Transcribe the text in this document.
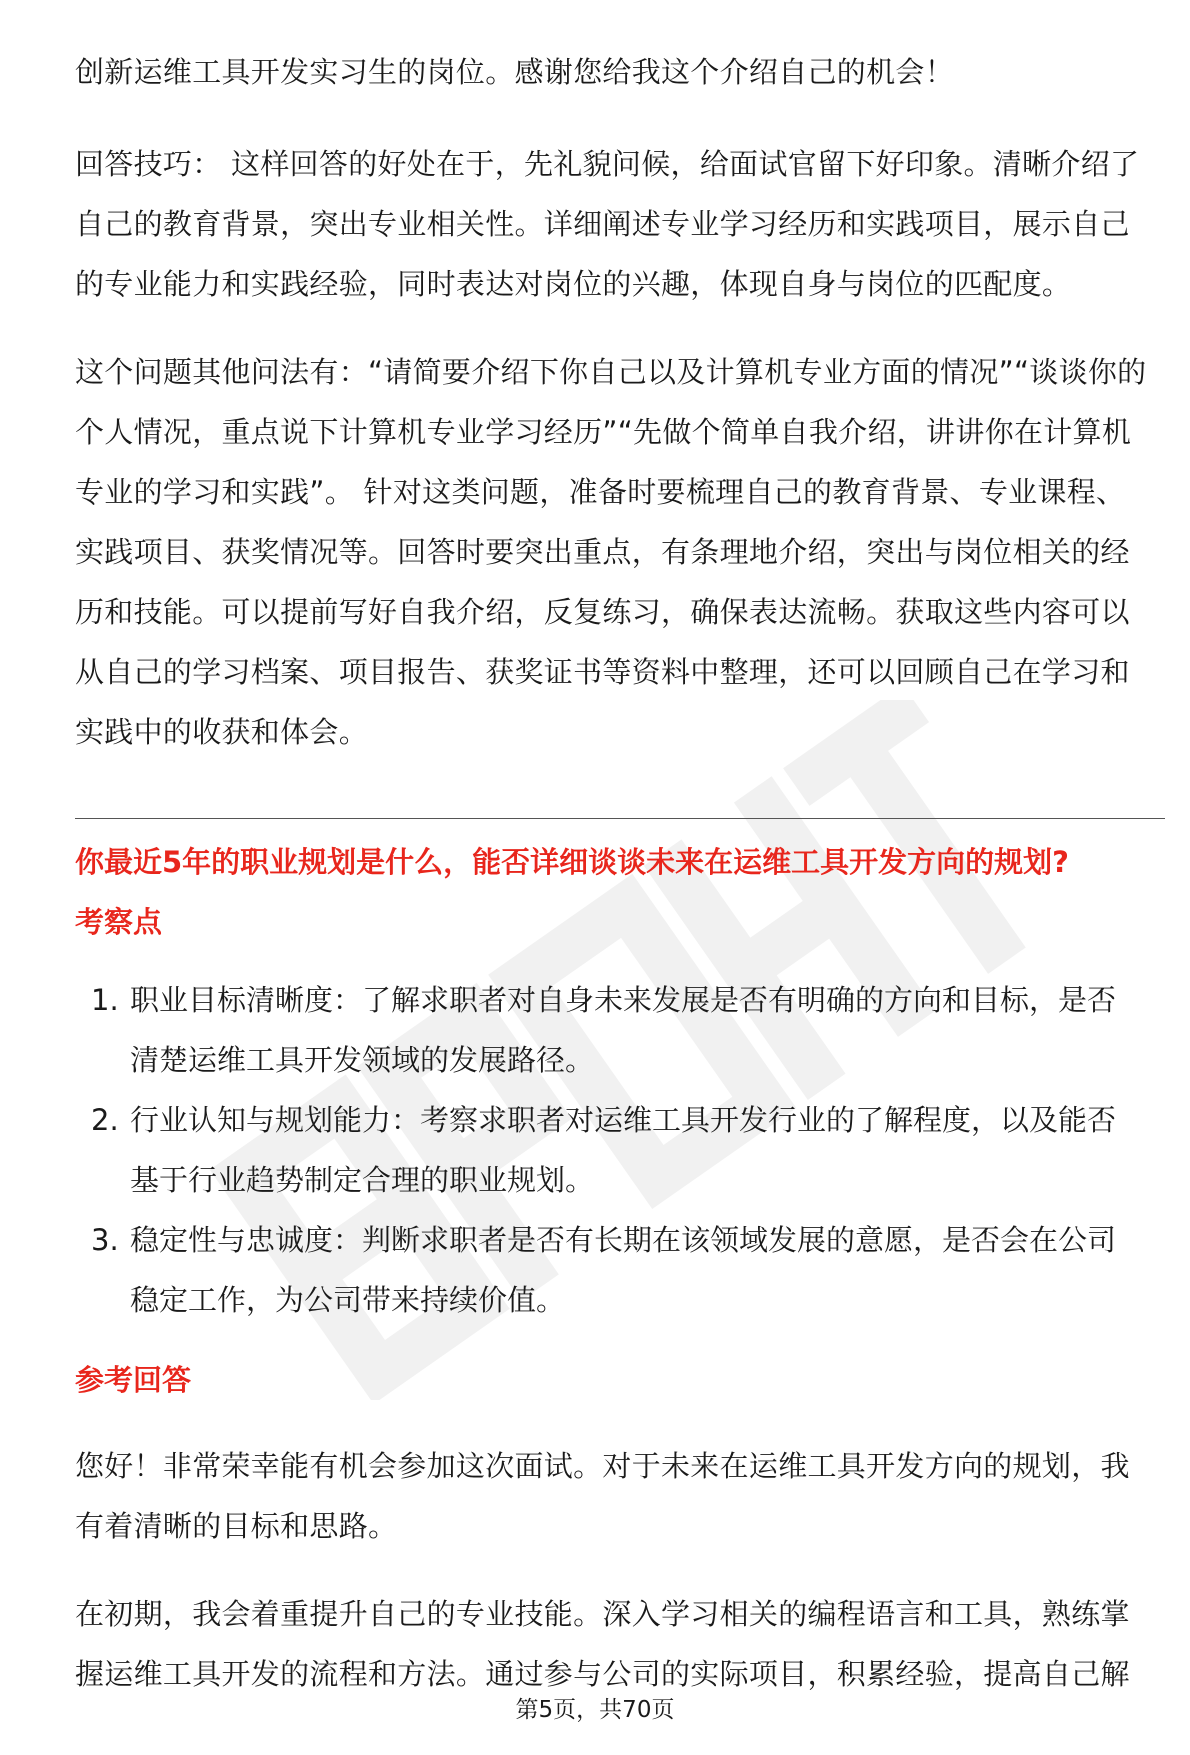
创新运维工具开发实习生的岗位。感谢您给我这个介绍自己的机会！

回答技巧： 这样回答的好处在于，先礼貌问候，给面试官留下好印象。清晰介绍了

自己的教育背景，突出专业相关性。详细阐述专业学习经历和实践项目，展示自己

的专业能力和实践经验，同时表达对岗位的兴趣，体现自身与岗位的匹配度。

这个问题其他问法有：“请简要介绍下你自己以及计算机专业方面的情况”“谈谈你的

个人情况，重点说下计算机专业学习经历”“先做个简单自我介绍，讲讲你在计算机

专业的学习和实践”。 针对这类问题，准备时要梳理自己的教育背景、专业课程、

实践项目、获奖情况等。回答时要突出重点，有条理地介绍，突出与岗位相关的经

历和技能。可以提前写好自我介绍，反复练习，确保表达流畅。获取这些内容可以

从自己的学习档案、项目报告、获奖证书等资料中整理，还可以回顾自己在学习和

实践中的收获和体会。

你最近5年的职业规划是什么，能否详细谈谈未来在运维工具开发方向的规划?
考察点
1. 职业目标清晰度：了解求职者对自身未来发展是否有明确的方向和目标，是否
清楚运维工具开发领域的发展路径。
2. 行业认知与规划能力：考察求职者对运维工具开发行业的了解程度，以及能否
基于行业趋势制定合理的职业规划。
3. 稳定性与忠诚度：判断求职者是否有长期在该领域发展的意愿，是否会在公司
稳定工作，为公司带来持续价值。
参考回答

您好！非常荣幸能有机会参加这次面试。对于未来在运维工具开发方向的规划，我

有着清晰的目标和思路。

在初期，我会着重提升自己的专业技能。深入学习相关的编程语言和工具，熟练掌

握运维工具开发的流程和方法。通过参与公司的实际项目，积累经验，提高自己解

第5页，共70页
